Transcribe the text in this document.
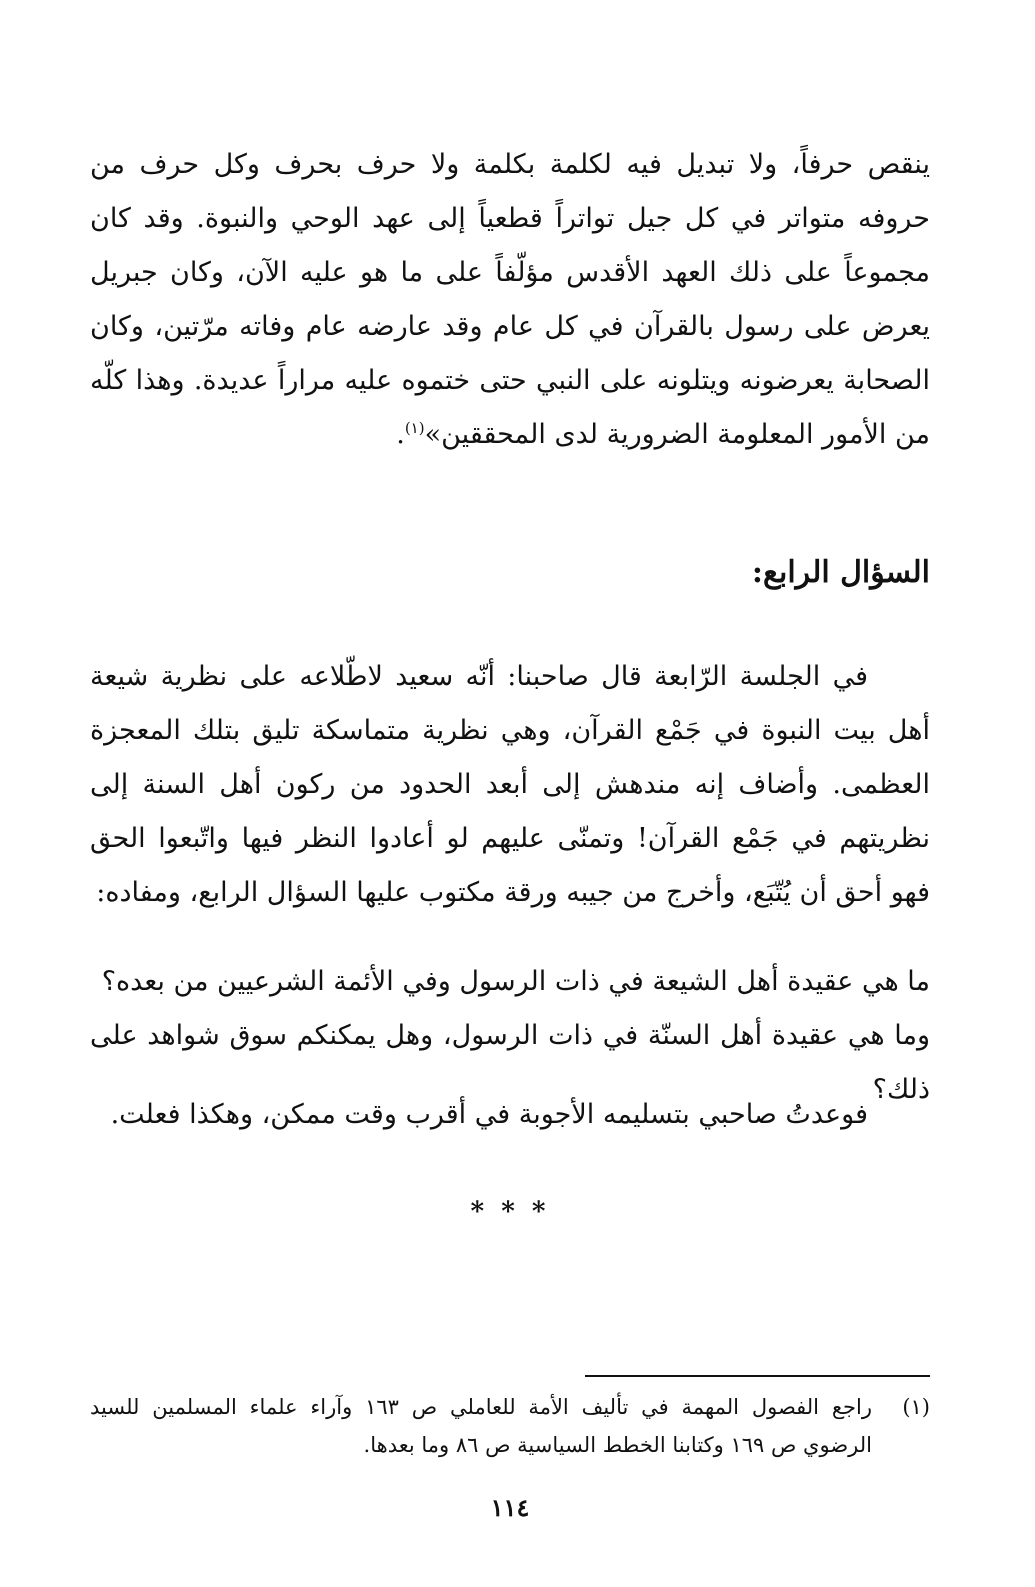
ينقص حرفاً، ولا تبديل فيه لكلمة بكلمة ولا حرف بحرف وكل حرف من حروفه متواتر في كل جيل تواتراً قطعياً إلى عهد الوحي والنبوة. وقد كان مجموعاً على ذلك العهد الأقدس مؤلّفاً على ما هو عليه الآن، وكان جبريل يعرض على رسول بالقرآن في كل عام وقد عارضه عام وفاته مرّتين، وكان الصحابة يعرضونه ويتلونه على النبي حتى ختموه عليه مراراً عديدة. وهذا كلّه من الأمور المعلومة الضرورية لدى المحققين»$^{(١)}$.

السؤال الرابع:

في الجلسة الرّابعة قال صاحبنا: أنّه سعيد لاطّلاعه على نظرية شيعة أهل بيت النبوة في جَمْع القرآن، وهي نظرية متماسكة تليق بتلك المعجزة العظمى. وأضاف إنه مندهش إلى أبعد الحدود من ركون أهل السنة إلى نظريتهم في جَمْع القرآن! وتمنّى عليهم لو أعادوا النظر فيها واتّبعوا الحق فهو أحق أن يُتّبَع، وأخرج من جيبه ورقة مكتوب عليها السؤال الرابع، ومفاده:

ما هي عقيدة أهل الشيعة في ذات الرسول وفي الأئمة الشرعيين من بعده؟
وما هي عقيدة أهل السنّة في ذات الرسول، وهل يمكنكم سوق شواهد على ذلك؟

فوعدتُ صاحبي بتسليمه الأجوبة في أقرب وقت ممكن، وهكذا فعلت.

* * *

(١)
راجع الفصول المهمة في تأليف الأمة للعاملي ص ١٦٣ وآراء علماء المسلمين للسيد الرضوي ص ١٦٩ وكتابنا الخطط السياسية ص ٨٦ وما بعدها.

١١٤
